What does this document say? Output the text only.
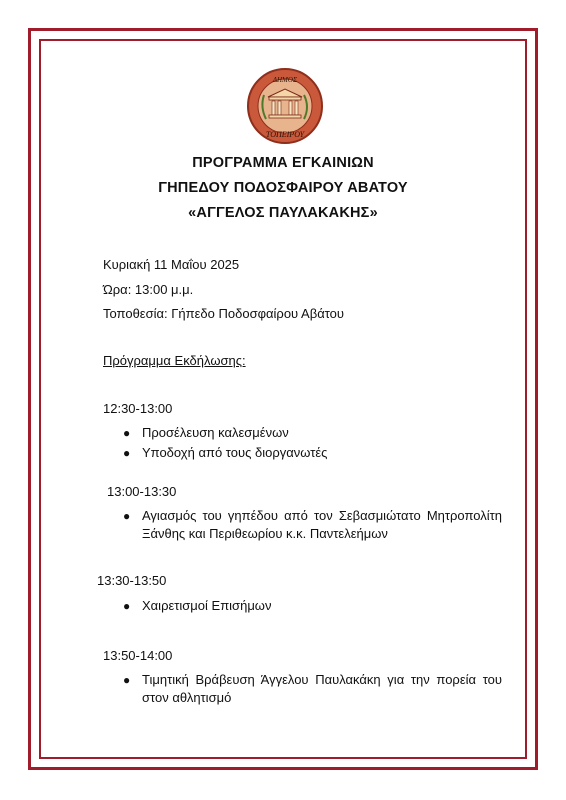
ΔΗΜΟΣ
ΤΟΠΕΙΡΟΥ
ΠΡΟΓΡΑΜΜΑ ΕΓΚΑΙΝΙΩΝ
ΓΗΠΕΔΟΥ ΠΟΔΟΣΦΑΙΡΟΥ ΑΒΑΤΟΥ
«ΑΓΓΕΛΟΣ ΠΑΥΛΑΚΑΚΗΣ»
Κυριακή 11 Μαΐου 2025
Ώρα: 13:00 μ.μ.
Τοποθεσία: Γήπεδο Ποδοσφαίρου Αβάτου
Πρόγραμμα Εκδήλωσης:
12:30-13:00
● Προσέλευση καλεσμένων
● Υποδοχή από τους διοργανωτές
13:00-13:30
● Αγιασμός του γηπέδου από τον Σεβασμιώτατο Μητροπολίτη Ξάνθης και Περιθεωρίου κ.κ. Παντελεήμων
13:30-13:50
● Χαιρετισμοί Επισήμων
13:50-14:00
● Τιμητική Βράβευση Άγγελου Παυλακάκη για την πορεία του στον αθλητισμό
